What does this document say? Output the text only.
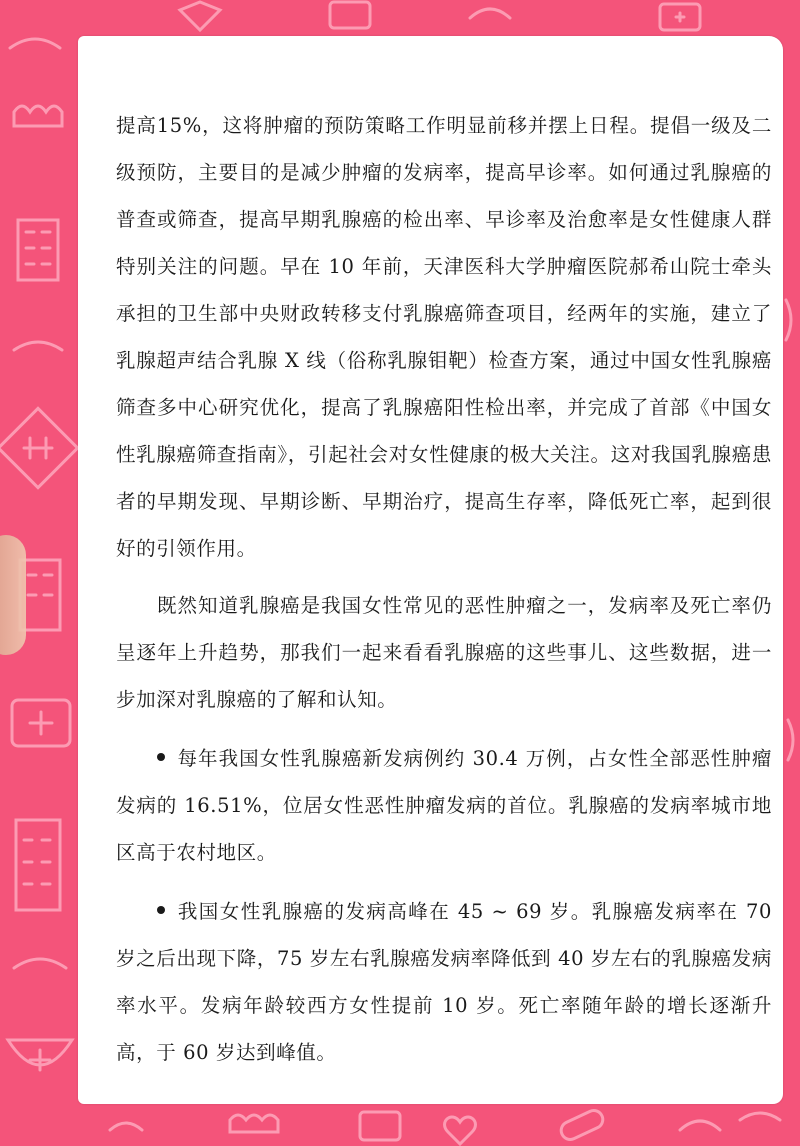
提高15%，这将肿瘤的预防策略工作明显前移并摆上日程。提倡一级及二级预防，主要目的是减少肿瘤的发病率，提高早诊率。如何通过乳腺癌的普查或筛查，提高早期乳腺癌的检出率、早诊率及治愈率是女性健康人群特别关注的问题。早在 10 年前，天津医科大学肿瘤医院郝希山院士牵头承担的卫生部中央财政转移支付乳腺癌筛查项目，经两年的实施，建立了乳腺超声结合乳腺 X 线（俗称乳腺钼靶）检查方案，通过中国女性乳腺癌筛查多中心研究优化，提高了乳腺癌阳性检出率，并完成了首部《中国女性乳腺癌筛查指南》，引起社会对女性健康的极大关注。这对我国乳腺癌患者的早期发现、早期诊断、早期治疗，提高生存率，降低死亡率，起到很好的引领作用。

既然知道乳腺癌是我国女性常见的恶性肿瘤之一，发病率及死亡率仍呈逐年上升趋势，那我们一起来看看乳腺癌的这些事儿、这些数据，进一步加深对乳腺癌的了解和认知。

每年我国女性乳腺癌新发病例约 30.4 万例，占女性全部恶性肿瘤发病的 16.51%，位居女性恶性肿瘤发病的首位。乳腺癌的发病率城市地区高于农村地区。

我国女性乳腺癌的发病高峰在 45 ~ 69 岁。乳腺癌发病率在 70 岁之后出现下降，75 岁左右乳腺癌发病率降低到 40 岁左右的乳腺癌发病率水平。发病年龄较西方女性提前 10 岁。死亡率随年龄的增长逐渐升高，于 60 岁达到峰值。
